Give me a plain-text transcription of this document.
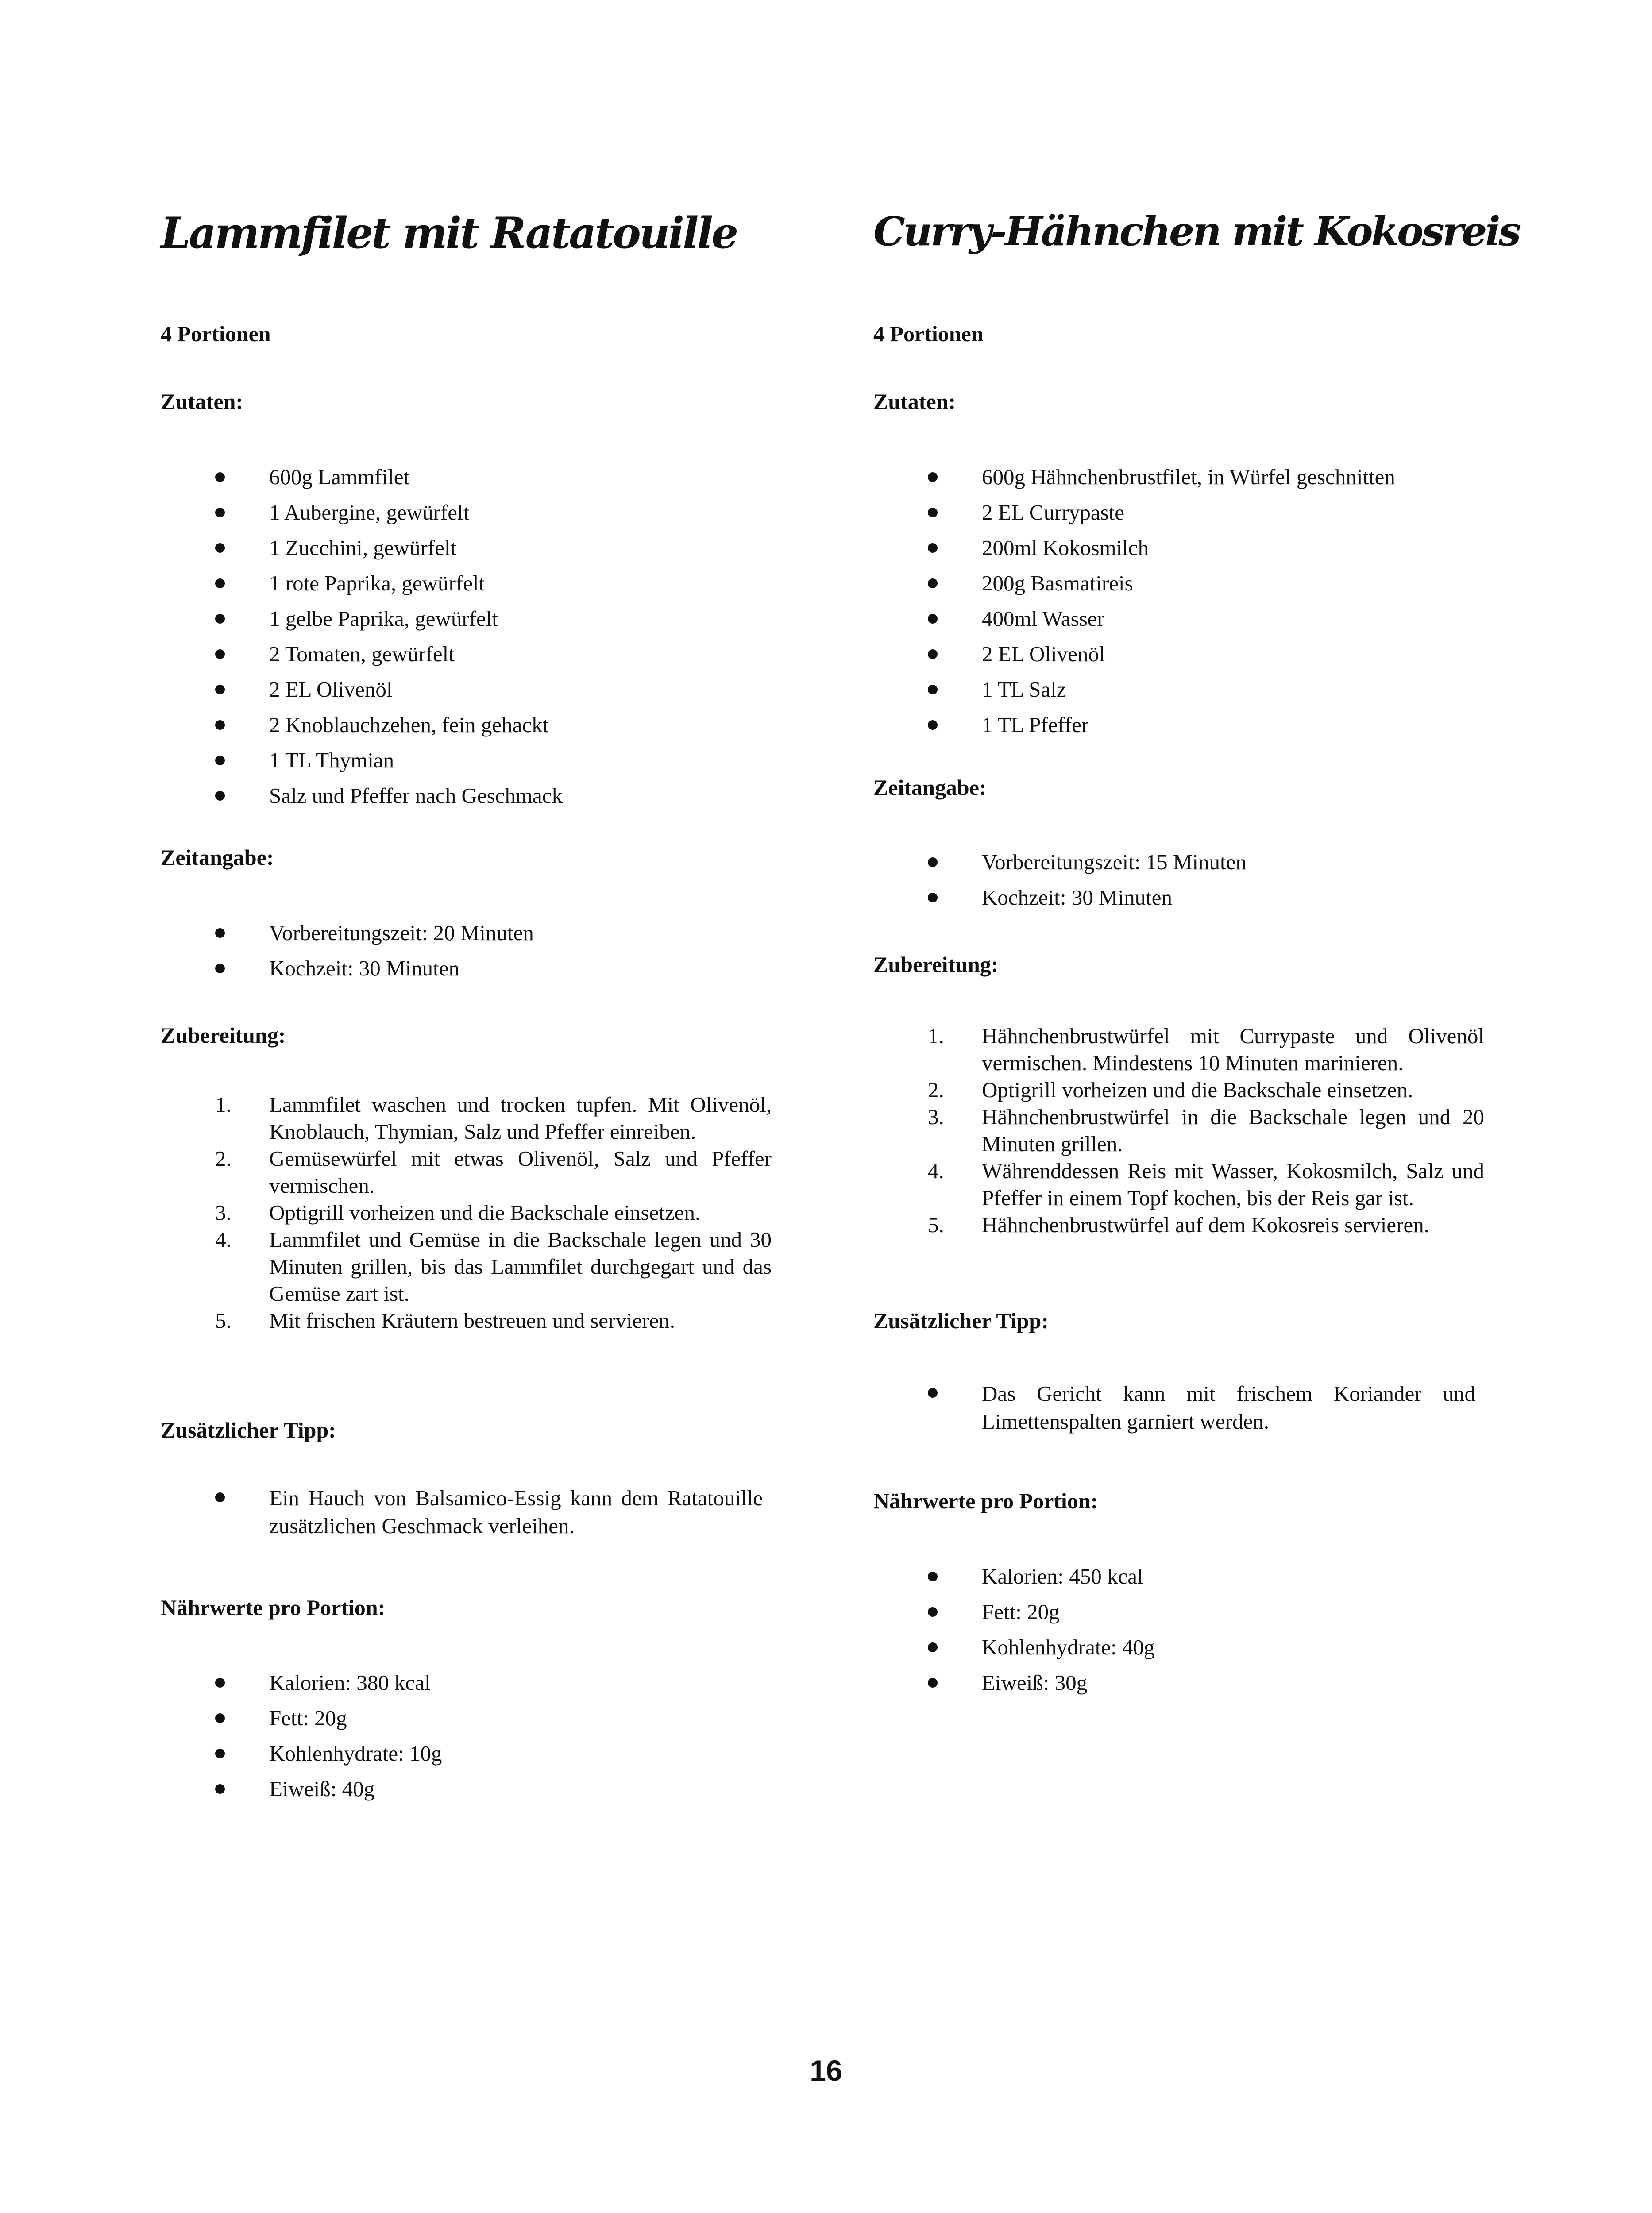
Lammfilet mit Ratatouille
4 Portionen
Zutaten:
600g Lammfilet
1 Aubergine, gewürfelt
1 Zucchini, gewürfelt
1 rote Paprika, gewürfelt
1 gelbe Paprika, gewürfelt
2 Tomaten, gewürfelt
2 EL Olivenöl
2 Knoblauchzehen, fein gehackt
1 TL Thymian
Salz und Pfeffer nach Geschmack
Zeitangabe:
Vorbereitungszeit: 20 Minuten
Kochzeit: 30 Minuten
Zubereitung:
1. Lammfilet waschen und trocken tupfen. Mit Olivenöl, Knoblauch, Thymian, Salz und Pfeffer einreiben.
2. Gemüsewürfel mit etwas Olivenöl, Salz und Pfeffer vermischen.
3. Optigrill vorheizen und die Backschale einsetzen.
4. Lammfilet und Gemüse in die Backschale legen und 30 Minuten grillen, bis das Lammfilet durchgegart und das Gemüse zart ist.
5. Mit frischen Kräutern bestreuen und servieren.
Zusätzlicher Tipp:
Ein Hauch von Balsamico-Essig kann dem Ratatouille zusätzlichen Geschmack verleihen.
Nährwerte pro Portion:
Kalorien: 380 kcal
Fett: 20g
Kohlenhydrate: 10g
Eiweiß: 40g
Curry-Hähnchen mit Kokosreis
4 Portionen
Zutaten:
600g Hähnchenbrustfilet, in Würfel geschnitten
2 EL Currypaste
200ml Kokosmilch
200g Basmatireis
400ml Wasser
2 EL Olivenöl
1 TL Salz
1 TL Pfeffer
Zeitangabe:
Vorbereitungszeit: 15 Minuten
Kochzeit: 30 Minuten
Zubereitung:
1. Hähnchenbrustwürfel mit Currypaste und Olivenöl vermischen. Mindestens 10 Minuten marinieren.
2. Optigrill vorheizen und die Backschale einsetzen.
3. Hähnchenbrustwürfel in die Backschale legen und 20 Minuten grillen.
4. Währenddessen Reis mit Wasser, Kokosmilch, Salz und Pfeffer in einem Topf kochen, bis der Reis gar ist.
5. Hähnchenbrustwürfel auf dem Kokosreis servieren.
Zusätzlicher Tipp:
Das Gericht kann mit frischem Koriander und Limettenspalten garniert werden.
Nährwerte pro Portion:
Kalorien: 450 kcal
Fett: 20g
Kohlenhydrate: 40g
Eiweiß: 30g
16
